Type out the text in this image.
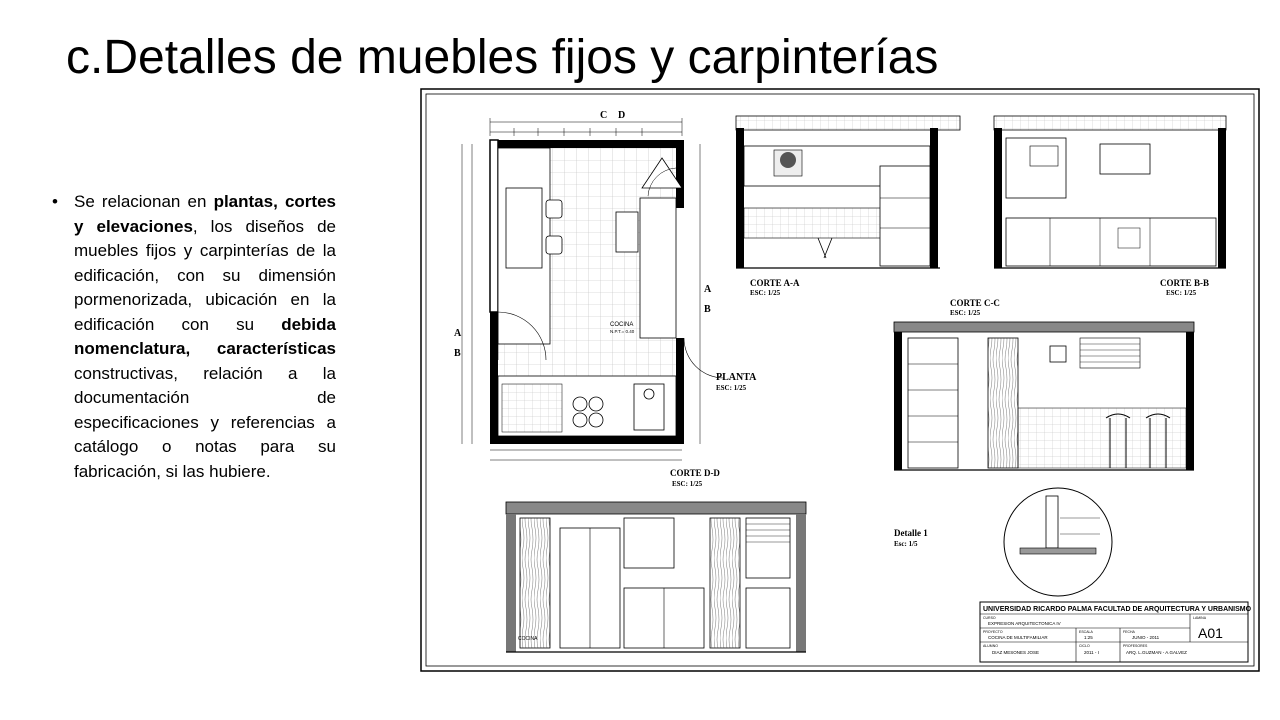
c.Detalles de muebles fijos y carpinterías
• Se relacionan en plantas, cortes y elevaciones, los diseños de muebles fijos y carpinterías de la edificación, con su dimensión pormenorizada, ubicación en la edificación con su debida nomenclatura, características constructivas, relación a la documentación de especificaciones y referencias a catálogo o notas para su fabricación, si las hubiere.
C D
A
B
A
B
COCINA
N.P.T.= 0.40
PLANTA
ESC: 1/25
CORTE A-A
ESC: 1/25
CORTE B-B
ESC: 1/25
CORTE C-C
ESC: 1/25
CORTE D-D
ESC: 1/25
COCINA
Detalle 1
Esc: 1/5
UNIVERSIDAD RICARDO PALMA FACULTAD DE ARQUITECTURA Y URBANISMO
CURSO
EXPRESION ARQUITECTONICA IV
LAMINA
PROYECTO
COCINA DE MULTIFAMILIAR
ESCALA
1:25
FECHA
JUNIO - 2011	A01
ALUMNO
DIAZ MESONES JOSE
CICLO
2011 - I
PROFESORES
ARQ. L.GUZMAN - A.GALVEZ
